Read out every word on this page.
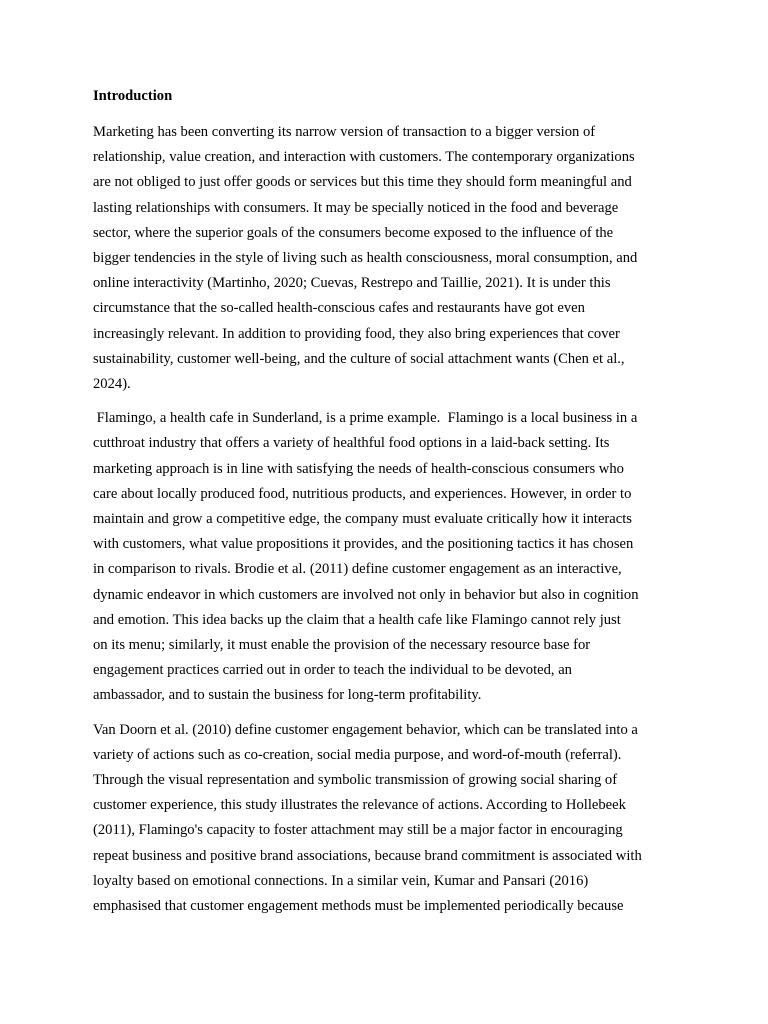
Introduction
Marketing has been converting its narrow version of transaction to a bigger version of
relationship, value creation, and interaction with customers. The contemporary organizations
are not obliged to just offer goods or services but this time they should form meaningful and
lasting relationships with consumers. It may be specially noticed in the food and beverage
sector, where the superior goals of the consumers become exposed to the influence of the
bigger tendencies in the style of living such as health consciousness, moral consumption, and
online interactivity (Martinho, 2020; Cuevas, Restrepo and Taillie, 2021). It is under this
circumstance that the so-called health-conscious cafes and restaurants have got even
increasingly relevant. In addition to providing food, they also bring experiences that cover
sustainability, customer well-being, and the culture of social attachment wants (Chen et al.,
2024).
Flamingo, a health cafe in Sunderland, is a prime example.  Flamingo is a local business in a
cutthroat industry that offers a variety of healthful food options in a laid-back setting. Its
marketing approach is in line with satisfying the needs of health-conscious consumers who
care about locally produced food, nutritious products, and experiences. However, in order to
maintain and grow a competitive edge, the company must evaluate critically how it interacts
with customers, what value propositions it provides, and the positioning tactics it has chosen
in comparison to rivals. Brodie et al. (2011) define customer engagement as an interactive,
dynamic endeavor in which customers are involved not only in behavior but also in cognition
and emotion. This idea backs up the claim that a health cafe like Flamingo cannot rely just
on its menu; similarly, it must enable the provision of the necessary resource base for
engagement practices carried out in order to teach the individual to be devoted, an
ambassador, and to sustain the business for long-term profitability.
Van Doorn et al. (2010) define customer engagement behavior, which can be translated into a
variety of actions such as co-creation, social media purpose, and word-of-mouth (referral).
Through the visual representation and symbolic transmission of growing social sharing of
customer experience, this study illustrates the relevance of actions. According to Hollebeek
(2011), Flamingo's capacity to foster attachment may still be a major factor in encouraging
repeat business and positive brand associations, because brand commitment is associated with
loyalty based on emotional connections. In a similar vein, Kumar and Pansari (2016)
emphasised that customer engagement methods must be implemented periodically because
